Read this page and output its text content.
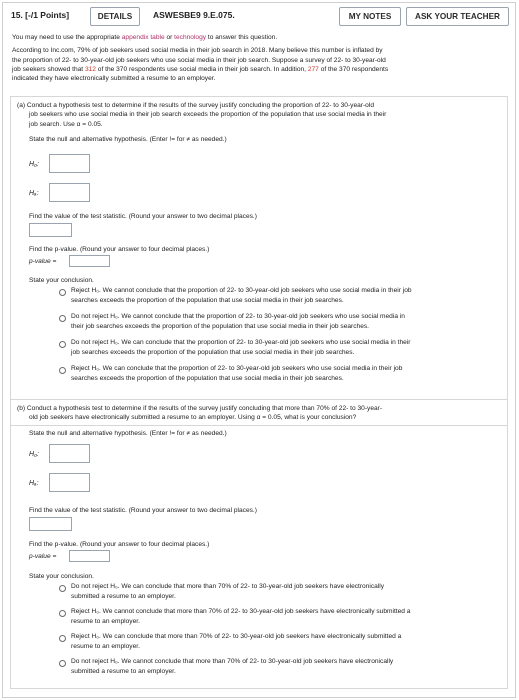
15. [-/1 Points]	DETAILS	ASWESBE9 9.E.075.	MY NOTES	ASK YOUR TEACHER

You may need to use the appropriate appendix table or technology to answer this question.

According to Inc.com, 79% of job seekers used social media in their job search in 2018. Many believe this number is inflated by

the proportion of 22- to 30-year-old job seekers who use social media in their job search. Suppose a survey of 22- to 30-year-old

job seekers showed that 312 of the 370 respondents use social media in their job search. In addition, 277 of the 370 respondents

indicated they have electronically submitted a resume to an employer.

(a) Conduct a hypothesis test to determine if the results of the survey justify concluding the proportion of 22- to 30-year-old
job seekers who use social media in their job search exceeds the proportion of the population that use social media in their
job search. Use α = 0.05.
State the null and alternative hypothesis. (Enter != for ≠ as needed.)
H₀:
Hₐ:
Find the value of the test statistic. (Round your answer to two decimal places.)
Find the p-value. (Round your answer to four decimal places.)
p-value =
State your conclusion.
Reject H₀. We cannot conclude that the proportion of 22- to 30-year-old job seekers who use social media in their job
searches exceeds the proportion of the population that use social media in their job searches.
Do not reject H₀. We cannot conclude that the proportion of 22- to 30-year-old job seekers who use social media in
their job searches exceeds the proportion of the population that use social media in their job searches.
Do not reject H₀. We can conclude that the proportion of 22- to 30-year-old job seekers who use social media in their
job searches exceeds the proportion of the population that use social media in their job searches.
Reject H₀. We can conclude that the proportion of 22- to 30-year-old job seekers who use social media in their job
searches exceeds the proportion of the population that use social media in their job searches.
(b) Conduct a hypothesis test to determine if the results of the survey justify concluding that more than 70% of 22- to 30-year-
old job seekers have electronically submitted a resume to an employer. Using α = 0.05, what is your conclusion?
State the null and alternative hypothesis. (Enter != for ≠ as needed.)
H₀:
Hₐ:
Find the value of the test statistic. (Round your answer to two decimal places.)
Find the p-value. (Round your answer to four decimal places.)
p-value =
State your conclusion.
Do not reject H₀. We can conclude that more than 70% of 22- to 30-year-old job seekers have electronically
submitted a resume to an employer.
Reject H₀. We cannot conclude that more than 70% of 22- to 30-year-old job seekers have electronically submitted a
resume to an employer.
Reject H₀. We can conclude that more than 70% of 22- to 30-year-old job seekers have electronically submitted a
resume to an employer.
Do not reject H₀. We cannot conclude that more than 70% of 22- to 30-year-old job seekers have electronically
submitted a resume to an employer.
